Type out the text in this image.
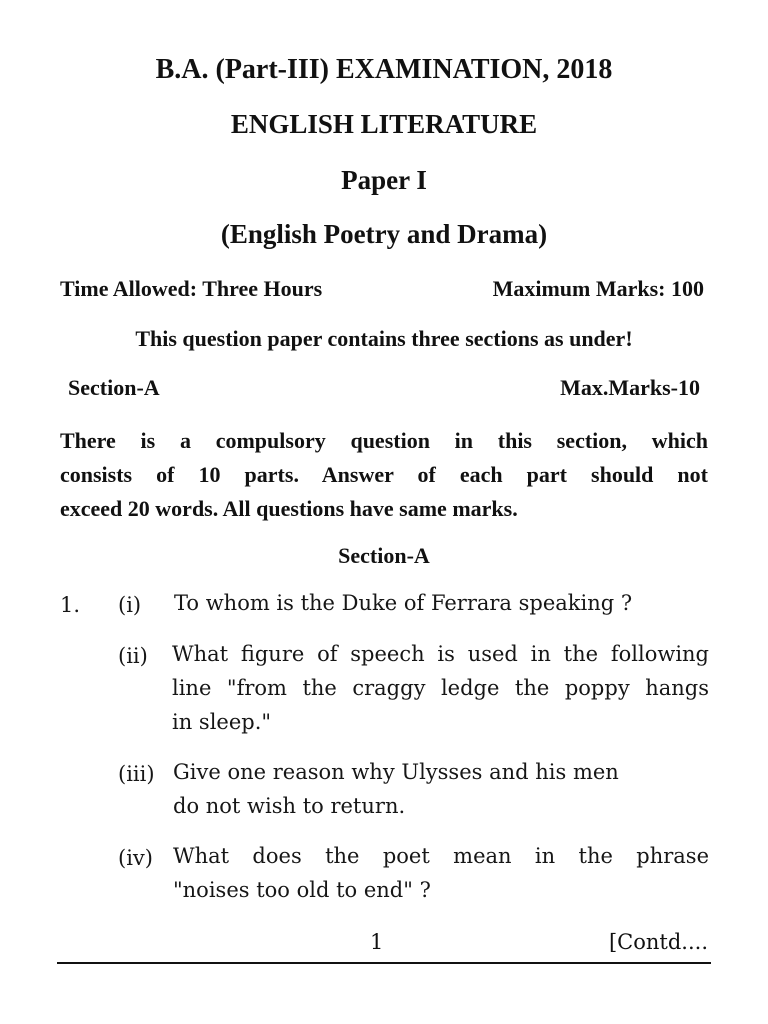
B.A. (Part-III) EXAMINATION, 2018
ENGLISH LITERATURE
Paper I
(English Poetry and Drama)
Time Allowed: Three Hours	Maximum Marks: 100
This question paper contains three sections as under!
Section-A	Max.Marks-10
There is a compulsory question in this section, which
consists of 10 parts. Answer of each part should not
exceed 20 words. All questions have same marks.
Section-A
1. (i) To whom is the Duke of Ferrara speaking ?
(ii) What figure of speech is used in the following
line "from the craggy ledge the poppy hangs
in sleep."
(iii) Give one reason why Ulysses and his men
do not wish to return.
(iv) What does the poet mean in the phrase
"noises too old to end" ?
1	[Contd....
